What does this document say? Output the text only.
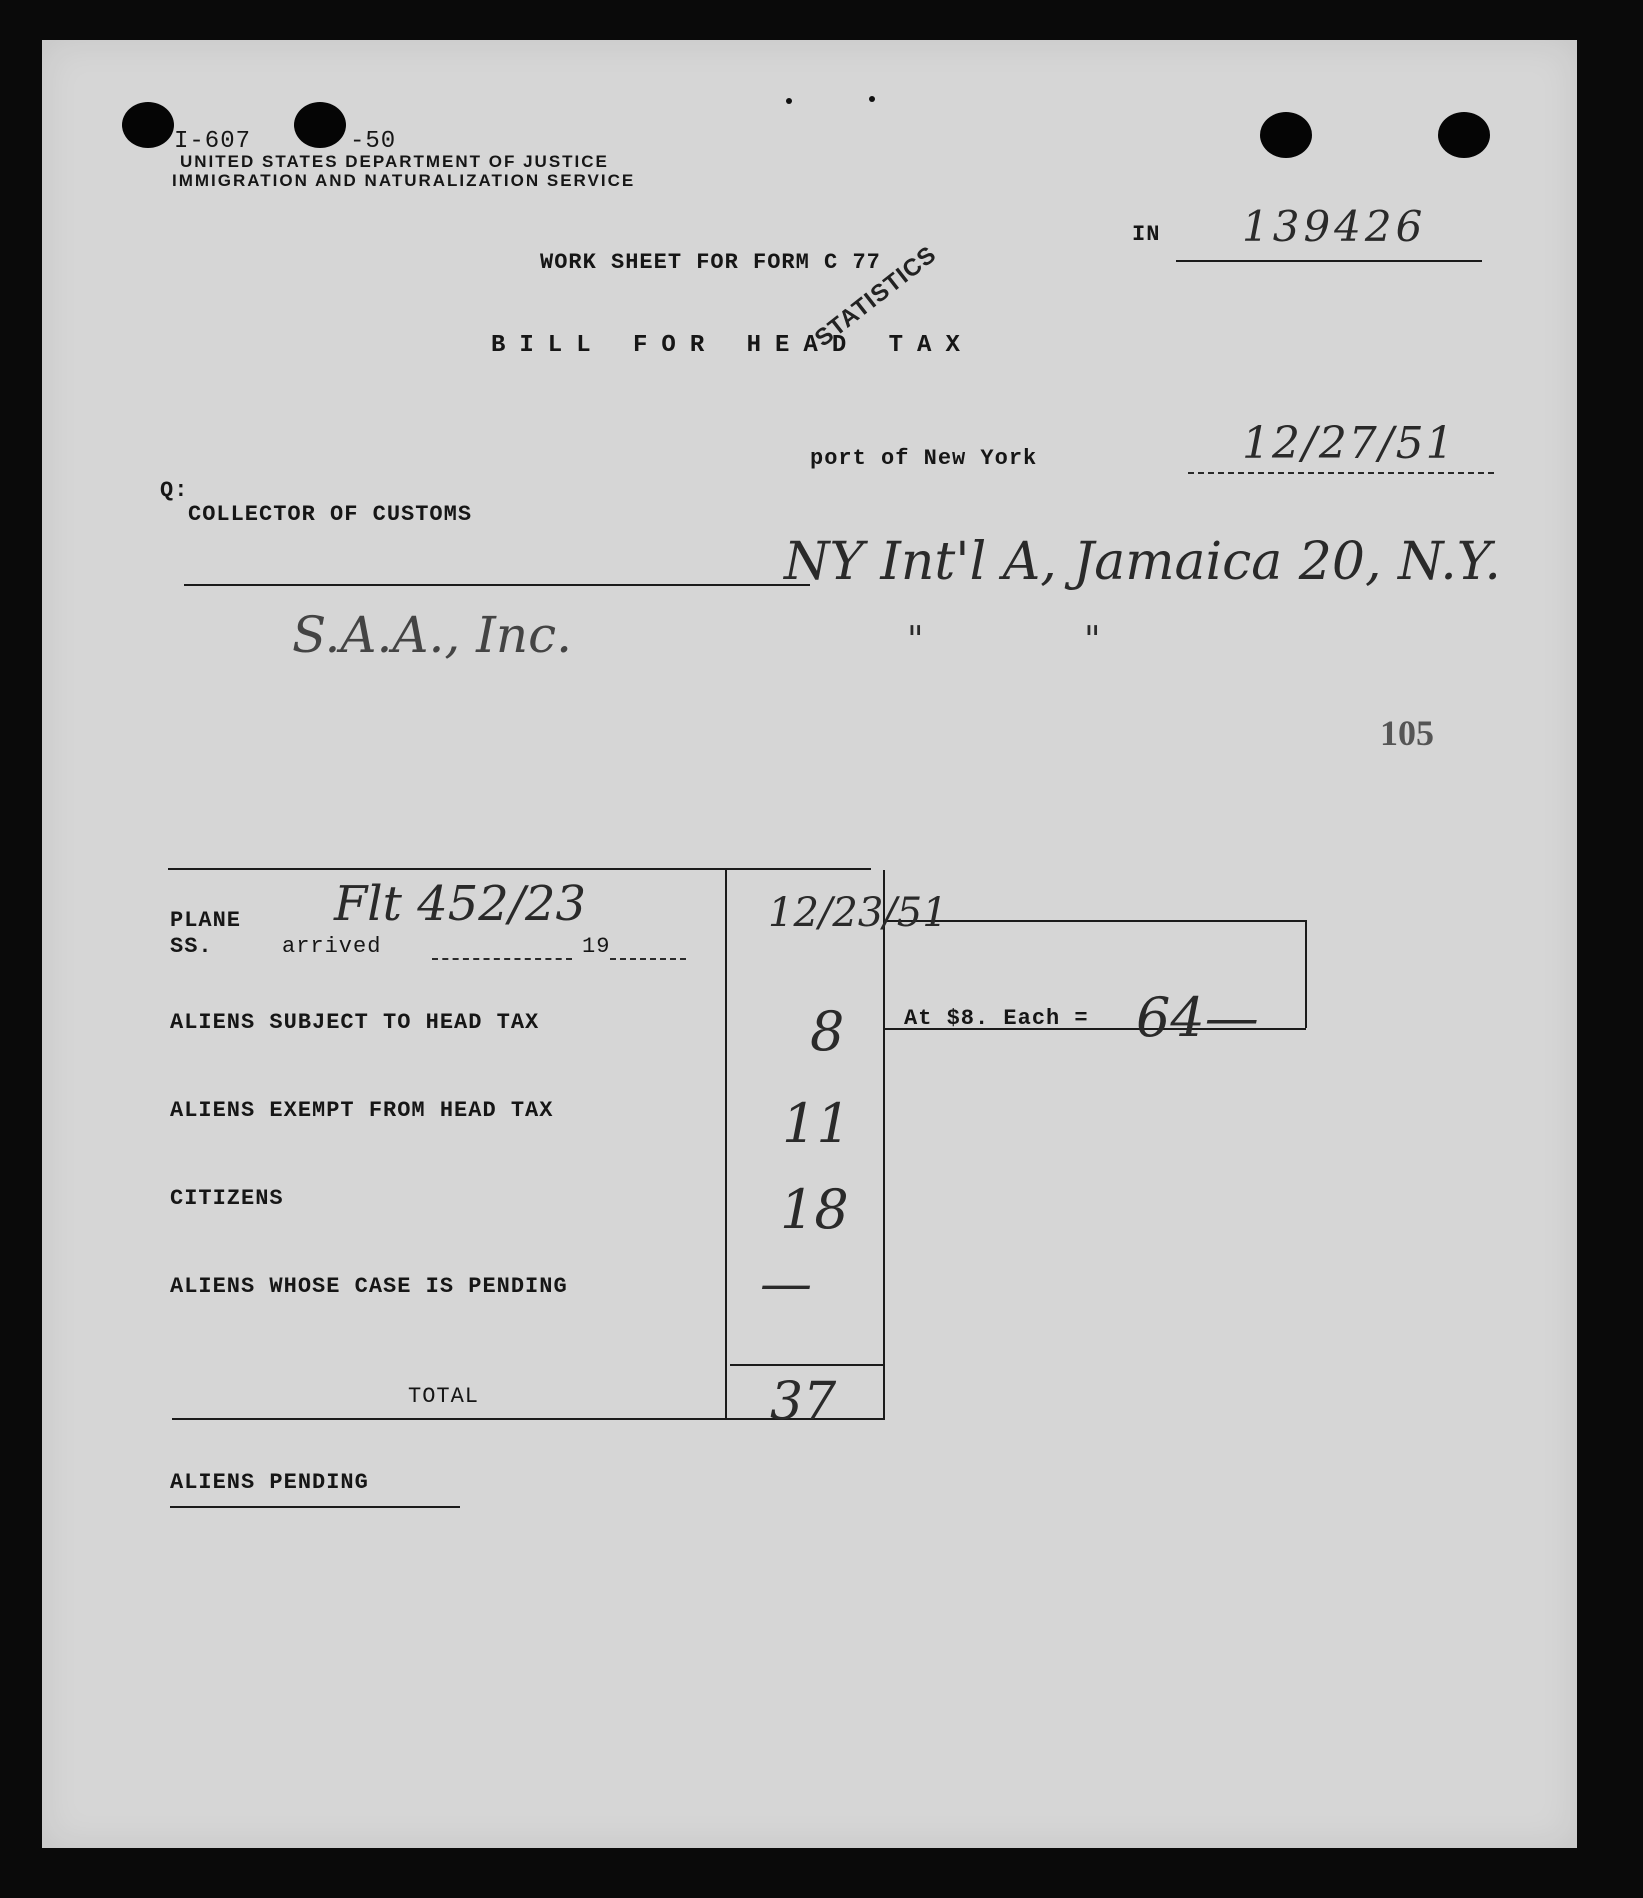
I-607	-50
UNITED STATES DEPARTMENT OF JUSTICE
IMMIGRATION AND NATURALIZATION SERVICE
IN 139426
WORK SHEET FOR FORM C 77
BILL FOR HEAD TAX
STATISTICS
port of New York	12/27/51
Q:
COLLECTOR OF CUSTOMS
NY Int'l A, Jamaica 20, N.Y.
S.A.A., Inc.	"	"
105
PLANE
SS.	arrived	19
Flt 452/23	12/23/51
ALIENS SUBJECT TO HEAD TAX	8
ALIENS EXEMPT FROM HEAD TAX	11
CITIZENS	18
ALIENS WHOSE CASE IS PENDING	—
TOTAL	37
At $8. Each = 64—
ALIENS PENDING
